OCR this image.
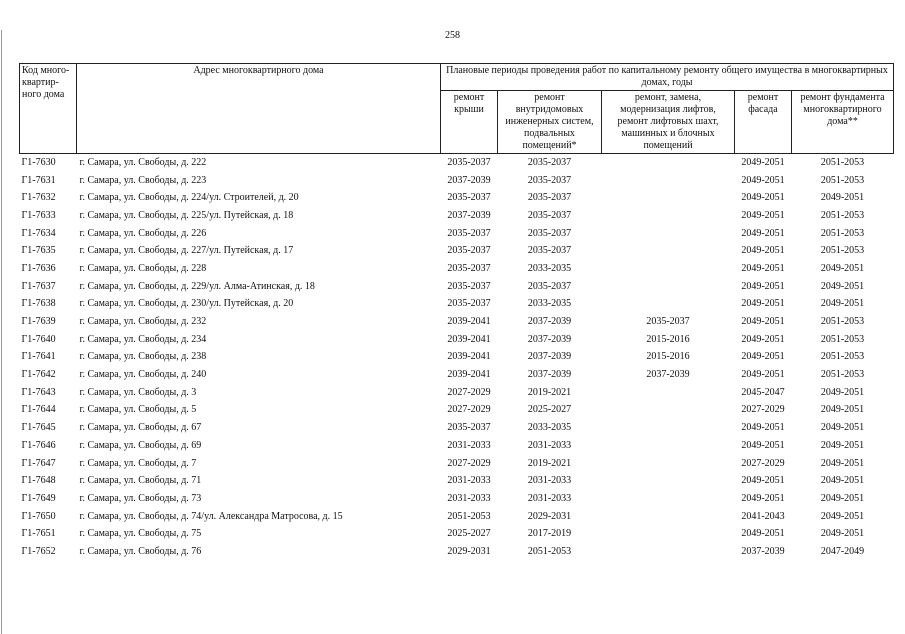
258
Код много-квартир-ного дома	Адрес многоквартирного дома	Плановые периоды проведения работ по капитальному ремонту общего имущества в многоквартирных домах, годы				
		ремонт крыши	ремонт внутридомовых инженерных систем, подвальных помещений*	ремонт, замена, модернизация лифтов, ремонт лифтовых шахт, машинных и блочных помещений	ремонт фасада	ремонт фундамента многоквартирного дома**
Г1-7630	г. Самара, ул. Свободы, д. 222	2035-2037	2035-2037		2049-2051	2051-2053
Г1-7631	г. Самара, ул. Свободы, д. 223	2037-2039	2035-2037		2049-2051	2051-2053
Г1-7632	г. Самара, ул. Свободы, д. 224/ул. Строителей, д. 20	2035-2037	2035-2037		2049-2051	2049-2051
Г1-7633	г. Самара, ул. Свободы, д. 225/ул. Путейская, д. 18	2037-2039	2035-2037		2049-2051	2051-2053
Г1-7634	г. Самара, ул. Свободы, д. 226	2035-2037	2035-2037		2049-2051	2051-2053
Г1-7635	г. Самара, ул. Свободы, д. 227/ул. Путейская, д. 17	2035-2037	2035-2037		2049-2051	2051-2053
Г1-7636	г. Самара, ул. Свободы, д. 228	2035-2037	2033-2035		2049-2051	2049-2051
Г1-7637	г. Самара, ул. Свободы, д. 229/ул. Алма-Атинская, д. 18	2035-2037	2035-2037		2049-2051	2049-2051
Г1-7638	г. Самара, ул. Свободы, д. 230/ул. Путейская, д. 20	2035-2037	2033-2035		2049-2051	2049-2051
Г1-7639	г. Самара, ул. Свободы, д. 232	2039-2041	2037-2039	2035-2037	2049-2051	2051-2053
Г1-7640	г. Самара, ул. Свободы, д. 234	2039-2041	2037-2039	2015-2016	2049-2051	2051-2053
Г1-7641	г. Самара, ул. Свободы, д. 238	2039-2041	2037-2039	2015-2016	2049-2051	2051-2053
Г1-7642	г. Самара, ул. Свободы, д. 240	2039-2041	2037-2039	2037-2039	2049-2051	2051-2053
Г1-7643	г. Самара, ул. Свободы, д. 3	2027-2029	2019-2021		2045-2047	2049-2051
Г1-7644	г. Самара, ул. Свободы, д. 5	2027-2029	2025-2027		2027-2029	2049-2051
Г1-7645	г. Самара, ул. Свободы, д. 67	2035-2037	2033-2035		2049-2051	2049-2051
Г1-7646	г. Самара, ул. Свободы, д. 69	2031-2033	2031-2033		2049-2051	2049-2051
Г1-7647	г. Самара, ул. Свободы, д. 7	2027-2029	2019-2021		2027-2029	2049-2051
Г1-7648	г. Самара, ул. Свободы, д. 71	2031-2033	2031-2033		2049-2051	2049-2051
Г1-7649	г. Самара, ул. Свободы, д. 73	2031-2033	2031-2033		2049-2051	2049-2051
Г1-7650	г. Самара, ул. Свободы, д. 74/ул. Александра Матросова, д. 15	2051-2053	2029-2031		2041-2043	2049-2051
Г1-7651	г. Самара, ул. Свободы, д. 75	2025-2027	2017-2019		2049-2051	2049-2051
Г1-7652	г. Самара, ул. Свободы, д. 76	2029-2031	2051-2053		2037-2039	2047-2049
